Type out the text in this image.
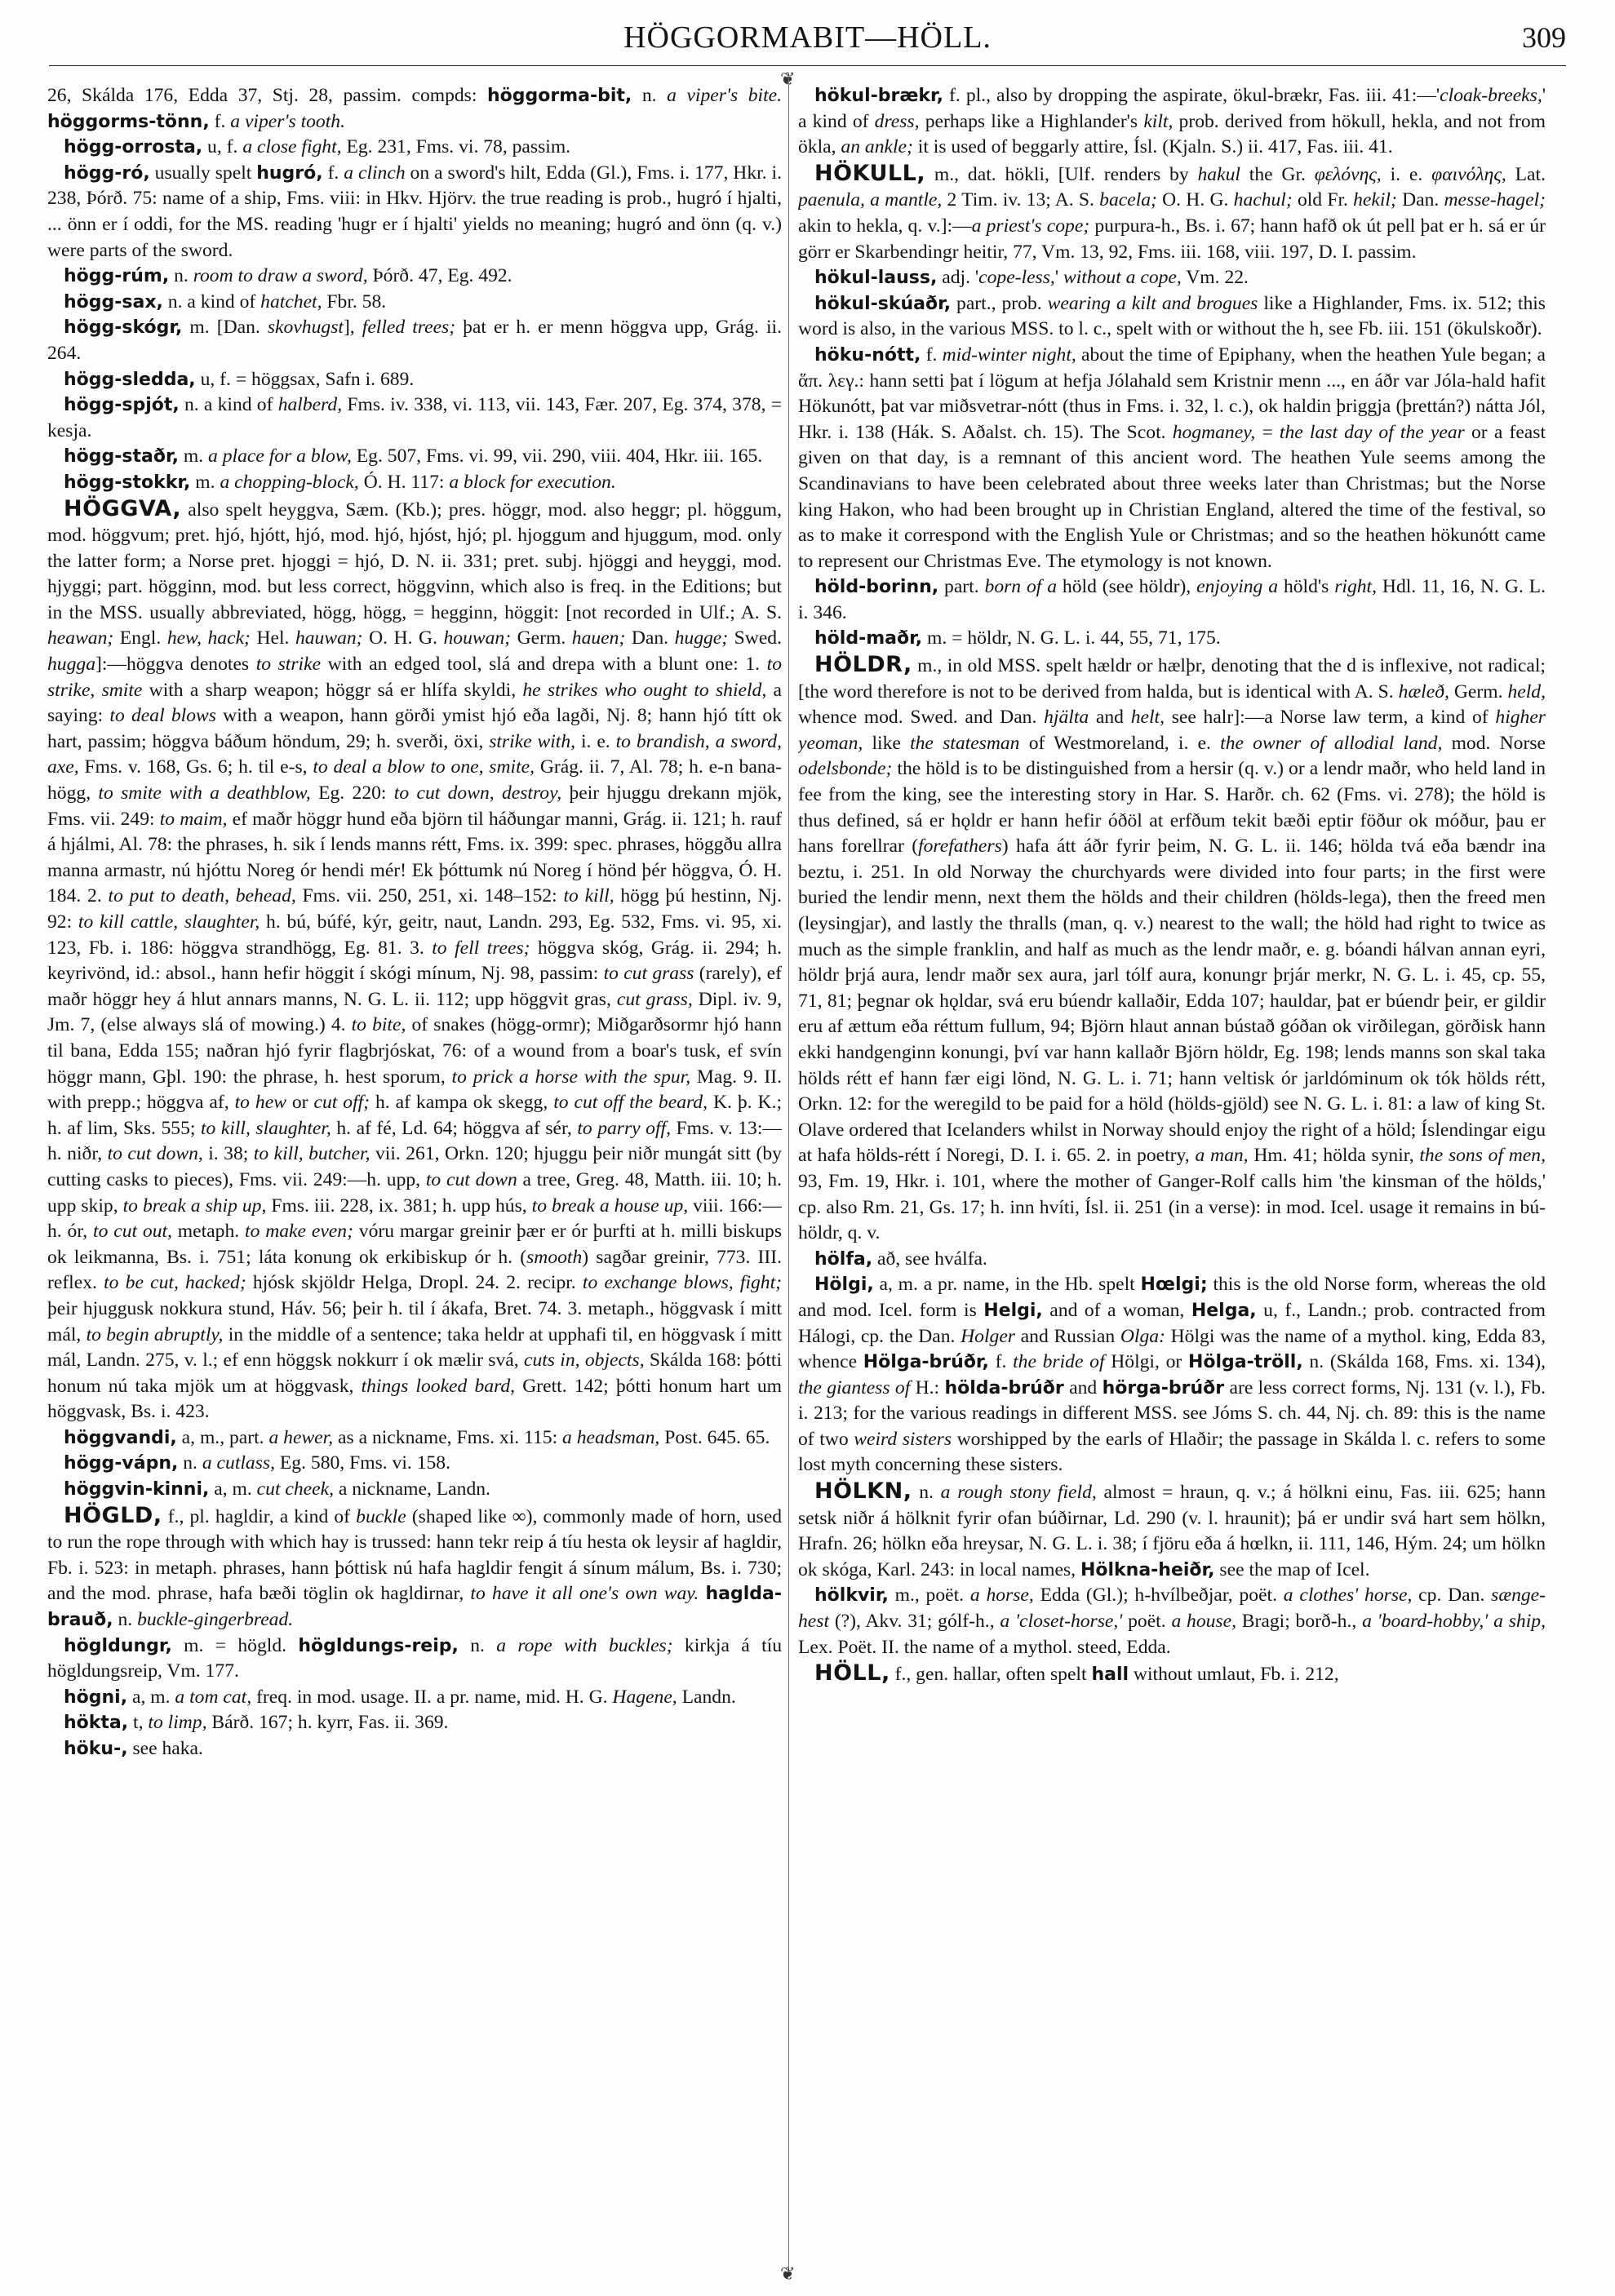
HÖGGORMABIT—HÖLL.	309
❦
❦

26, Skálda 176, Edda 37, Stj. 28, passim. compds: höggorma-bit, n. a viper's bite. höggorms-tönn, f. a viper's tooth.

högg-orrosta, u, f. a close fight, Eg. 231, Fms. vi. 78, passim.

högg-ró, usually spelt hugró, f. a clinch on a sword's hilt, Edda (Gl.), Fms. i. 177, Hkr. i. 238, Þórð. 75: name of a ship, Fms. viii: in Hkv. Hjörv. the true reading is prob., hugró í hjalti, ... önn er í oddi, for the MS. reading 'hugr er í hjalti' yields no meaning; hugró and önn (q. v.) were parts of the sword.

högg-rúm, n. room to draw a sword, Þórð. 47, Eg. 492.

högg-sax, n. a kind of hatchet, Fbr. 58.

högg-skógr, m. [Dan. skovhugst], felled trees; þat er h. er menn höggva upp, Grág. ii. 264.

högg-sledda, u, f. = höggsax, Safn i. 689.

högg-spjót, n. a kind of halberd, Fms. iv. 338, vi. 113, vii. 143, Fær. 207, Eg. 374, 378, = kesja.

högg-staðr, m. a place for a blow, Eg. 507, Fms. vi. 99, vii. 290, viii. 404, Hkr. iii. 165.

högg-stokkr, m. a chopping-block, Ó. H. 117: a block for execution.

HÖGGVA, also spelt heyggva, Sæm. (Kb.); pres. höggr, mod. also heggr; pl. höggum, mod. höggvum; pret. hjó, hjótt, hjó, mod. hjó, hjóst, hjó; pl. hjoggum and hjuggum, mod. only the latter form; a Norse pret. hjoggi = hjó, D. N. ii. 331; pret. subj. hjöggi and heyggi, mod. hjyggi; part. högginn, mod. but less correct, höggvinn, which also is freq. in the Editions; but in the MSS. usually abbreviated, högg, högg, = hegginn, höggit: [not recorded in Ulf.; A. S. heawan; Engl. hew, hack; Hel. hauwan; O. H. G. houwan; Germ. hauen; Dan. hugge; Swed. hugga]:—höggva denotes to strike with an edged tool, slá and drepa with a blunt one: 1. to strike, smite with a sharp weapon; höggr sá er hlífa skyldi, he strikes who ought to shield, a saying: to deal blows with a weapon, hann görði ymist hjó eða lagði, Nj. 8; hann hjó títt ok hart, passim; höggva báðum höndum, 29; h. sverði, öxi, strike with, i. e. to brandish, a sword, axe, Fms. v. 168, Gs. 6; h. til e-s, to deal a blow to one, smite, Grág. ii. 7, Al. 78; h. e-n bana-högg, to smite with a deathblow, Eg. 220: to cut down, destroy, þeir hjuggu drekann mjök, Fms. vii. 249: to maim, ef maðr höggr hund eða björn til háðungar manni, Grág. ii. 121; h. rauf á hjálmi, Al. 78: the phrases, h. sik í lends manns rétt, Fms. ix. 399: spec. phrases, höggðu allra manna armastr, nú hjóttu Noreg ór hendi mér! Ek þóttumk nú Noreg í hönd þér höggva, Ó. H. 184. 2. to put to death, behead, Fms. vii. 250, 251, xi. 148–152: to kill, högg þú hestinn, Nj. 92: to kill cattle, slaughter, h. bú, búfé, kýr, geitr, naut, Landn. 293, Eg. 532, Fms. vi. 95, xi. 123, Fb. i. 186: höggva strandhögg, Eg. 81. 3. to fell trees; höggva skóg, Grág. ii. 294; h. keyrivönd, id.: absol., hann hefir höggit í skógi mínum, Nj. 98, passim: to cut grass (rarely), ef maðr höggr hey á hlut annars manns, N. G. L. ii. 112; upp höggvit gras, cut grass, Dipl. iv. 9, Jm. 7, (else always slá of mowing.) 4. to bite, of snakes (högg-ormr); Miðgarðsormr hjó hann til bana, Edda 155; naðran hjó fyrir flagbrjóskat, 76: of a wound from a boar's tusk, ef svín höggr mann, Gþl. 190: the phrase, h. hest sporum, to prick a horse with the spur, Mag. 9. II. with prepp.; höggva af, to hew or cut off; h. af kampa ok skegg, to cut off the beard, K. þ. K.; h. af lim, Sks. 555; to kill, slaughter, h. af fé, Ld. 64; höggva af sér, to parry off, Fms. v. 13:—h. niðr, to cut down, i. 38; to kill, butcher, vii. 261, Orkn. 120; hjuggu þeir niðr mungát sitt (by cutting casks to pieces), Fms. vii. 249:—h. upp, to cut down a tree, Greg. 48, Matth. iii. 10; h. upp skip, to break a ship up, Fms. iii. 228, ix. 381; h. upp hús, to break a house up, viii. 166:—h. ór, to cut out, metaph. to make even; vóru margar greinir þær er ór þurfti at h. milli biskups ok leikmanna, Bs. i. 751; láta konung ok erkibiskup ór h. (smooth) sagðar greinir, 773. III. reflex. to be cut, hacked; hjósk skjöldr Helga, Dropl. 24. 2. recipr. to exchange blows, fight; þeir hjuggusk nokkura stund, Háv. 56; þeir h. til í ákafa, Bret. 74. 3. metaph., höggvask í mitt mál, to begin abruptly, in the middle of a sentence; taka heldr at upphafi til, en höggvask í mitt mál, Landn. 275, v. l.; ef enn höggsk nokkurr í ok mælir svá, cuts in, objects, Skálda 168: þótti honum nú taka mjök um at höggvask, things looked bard, Grett. 142; þótti honum hart um höggvask, Bs. i. 423.

höggvandi, a, m., part. a hewer, as a nickname, Fms. xi. 115: a headsman, Post. 645. 65.

högg-vápn, n. a cutlass, Eg. 580, Fms. vi. 158.

höggvin-kinni, a, m. cut cheek, a nickname, Landn.

HÖGLD, f., pl. hagldir, a kind of buckle (shaped like ∞), commonly made of horn, used to run the rope through with which hay is trussed: hann tekr reip á tíu hesta ok leysir af hagldir, Fb. i. 523: in metaph. phrases, hann þóttisk nú hafa hagldir fengit á sínum málum, Bs. i. 730; and the mod. phrase, hafa bæði töglin ok hagldirnar, to have it all one's own way. haglda-brauð, n. buckle-gingerbread.

högldungr, m. = högld. högldungs-reip, n. a rope with buckles; kirkja á tíu högldungsreip, Vm. 177.

högni, a, m. a tom cat, freq. in mod. usage. II. a pr. name, mid. H. G. Hagene, Landn.

hökta, t, to limp, Bárð. 167; h. kyrr, Fas. ii. 369.

höku-, see haka.

hökul-brækr, f. pl., also by dropping the aspirate, ökul-brækr, Fas. iii. 41:—'cloak-breeks,' a kind of dress, perhaps like a Highlander's kilt, prob. derived from hökull, hekla, and not from ökla, an ankle; it is used of beggarly attire, Ísl. (Kjaln. S.) ii. 417, Fas. iii. 41.

HÖKULL, m., dat. hökli, [Ulf. renders by hakul the Gr. φελόνης, i. e. φαινόλης, Lat. paenula, a mantle, 2 Tim. iv. 13; A. S. bacela; O. H. G. hachul; old Fr. hekil; Dan. messe-hagel; akin to hekla, q. v.]:—a priest's cope; purpura-h., Bs. i. 67; hann hafð ok út pell þat er h. sá er úr görr er Skarbendingr heitir, 77, Vm. 13, 92, Fms. iii. 168, viii. 197, D. I. passim.

hökul-lauss, adj. 'cope-less,' without a cope, Vm. 22.

hökul-skúaðr, part., prob. wearing a kilt and brogues like a Highlander, Fms. ix. 512; this word is also, in the various MSS. to l. c., spelt with or without the h, see Fb. iii. 151 (ökulskoðr).

höku-nótt, f. mid-winter night, about the time of Epiphany, when the heathen Yule began; a ἅπ. λεγ.: hann setti þat í lögum at hefja Jólahald sem Kristnir menn ..., en áðr var Jóla-hald hafit Hökunótt, þat var miðsvetrar-nótt (thus in Fms. i. 32, l. c.), ok haldin þriggja (þrettán?) nátta Jól, Hkr. i. 138 (Hák. S. Aðalst. ch. 15). The Scot. hogmaney, = the last day of the year or a feast given on that day, is a remnant of this ancient word. The heathen Yule seems among the Scandinavians to have been celebrated about three weeks later than Christmas; but the Norse king Hakon, who had been brought up in Christian England, altered the time of the festival, so as to make it correspond with the English Yule or Christmas; and so the heathen hökunótt came to represent our Christmas Eve. The etymology is not known.

höld-borinn, part. born of a höld (see höldr), enjoying a höld's right, Hdl. 11, 16, N. G. L. i. 346.

höld-maðr, m. = höldr, N. G. L. i. 44, 55, 71, 175.

HÖLDR, m., in old MSS. spelt hældr or hælþr, denoting that the d is inflexive, not radical; [the word therefore is not to be derived from halda, but is identical with A. S. hæleð, Germ. held, whence mod. Swed. and Dan. hjälta and helt, see halr]:—a Norse law term, a kind of higher yeoman, like the statesman of Westmoreland, i. e. the owner of allodial land, mod. Norse odelsbonde; the höld is to be distinguished from a hersir (q. v.) or a lendr maðr, who held land in fee from the king, see the interesting story in Har. S. Harðr. ch. 62 (Fms. vi. 278); the höld is thus defined, sá er hǫldr er hann hefir óðöl at erfðum tekit bæði eptir föður ok móður, þau er hans forellrar (forefathers) hafa átt áðr fyrir þeim, N. G. L. ii. 146; hölda tvá eða bændr ina beztu, i. 251. In old Norway the churchyards were divided into four parts; in the first were buried the lendir menn, next them the hölds and their children (hölds-lega), then the freed men (leysingjar), and lastly the thralls (man, q. v.) nearest to the wall; the höld had right to twice as much as the simple franklin, and half as much as the lendr maðr, e. g. bóandi hálvan annan eyri, höldr þrjá aura, lendr maðr sex aura, jarl tólf aura, konungr þrjár merkr, N. G. L. i. 45, cp. 55, 71, 81; þegnar ok hǫldar, svá eru búendr kallaðir, Edda 107; hauldar, þat er búendr þeir, er gildir eru af ættum eða réttum fullum, 94; Björn hlaut annan bústað góðan ok virðilegan, görðisk hann ekki handgenginn konungi, því var hann kallaðr Björn höldr, Eg. 198; lends manns son skal taka hölds rétt ef hann fær eigi lönd, N. G. L. i. 71; hann veltisk ór jarldóminum ok tók hölds rétt, Orkn. 12: for the weregild to be paid for a höld (hölds-gjöld) see N. G. L. i. 81: a law of king St. Olave ordered that Icelanders whilst in Norway should enjoy the right of a höld; Íslendingar eigu at hafa hölds-rétt í Noregi, D. I. i. 65. 2. in poetry, a man, Hm. 41; hölda synir, the sons of men, 93, Fm. 19, Hkr. i. 101, where the mother of Ganger-Rolf calls him 'the kinsman of the hölds,' cp. also Rm. 21, Gs. 17; h. inn hvíti, Ísl. ii. 251 (in a verse): in mod. Icel. usage it remains in bú-höldr, q. v.

hölfa, að, see hválfa.

Hölgi, a, m. a pr. name, in the Hb. spelt Hœlgi; this is the old Norse form, whereas the old and mod. Icel. form is Helgi, and of a woman, Helga, u, f., Landn.; prob. contracted from Hálogi, cp. the Dan. Holger and Russian Olga: Hölgi was the name of a mythol. king, Edda 83, whence Hölga-brúðr, f. the bride of Hölgi, or Hölga-tröll, n. (Skálda 168, Fms. xi. 134), the giantess of H.: hölda-brúðr and hörga-brúðr are less correct forms, Nj. 131 (v. l.), Fb. i. 213; for the various readings in different MSS. see Jóms S. ch. 44, Nj. ch. 89: this is the name of two weird sisters worshipped by the earls of Hlaðir; the passage in Skálda l. c. refers to some lost myth concerning these sisters.

HÖLKN, n. a rough stony field, almost = hraun, q. v.; á hölkni einu, Fas. iii. 625; hann setsk niðr á hölknit fyrir ofan búðirnar, Ld. 290 (v. l. hraunit); þá er undir svá hart sem hölkn, Hrafn. 26; hölkn eða hreysar, N. G. L. i. 38; í fjöru eða á hœlkn, ii. 111, 146, Hým. 24; um hölkn ok skóga, Karl. 243: in local names, Hölkna-heiðr, see the map of Icel.

hölkvir, m., poët. a horse, Edda (Gl.); h-hvílbeðjar, poët. a clothes' horse, cp. Dan. sænge-hest (?), Akv. 31; gólf-h., a 'closet-horse,' poët. a house, Bragi; borð-h., a 'board-hobby,' a ship, Lex. Poët. II. the name of a mythol. steed, Edda.

HÖLL, f., gen. hallar, often spelt hall without umlaut, Fb. i. 212,
